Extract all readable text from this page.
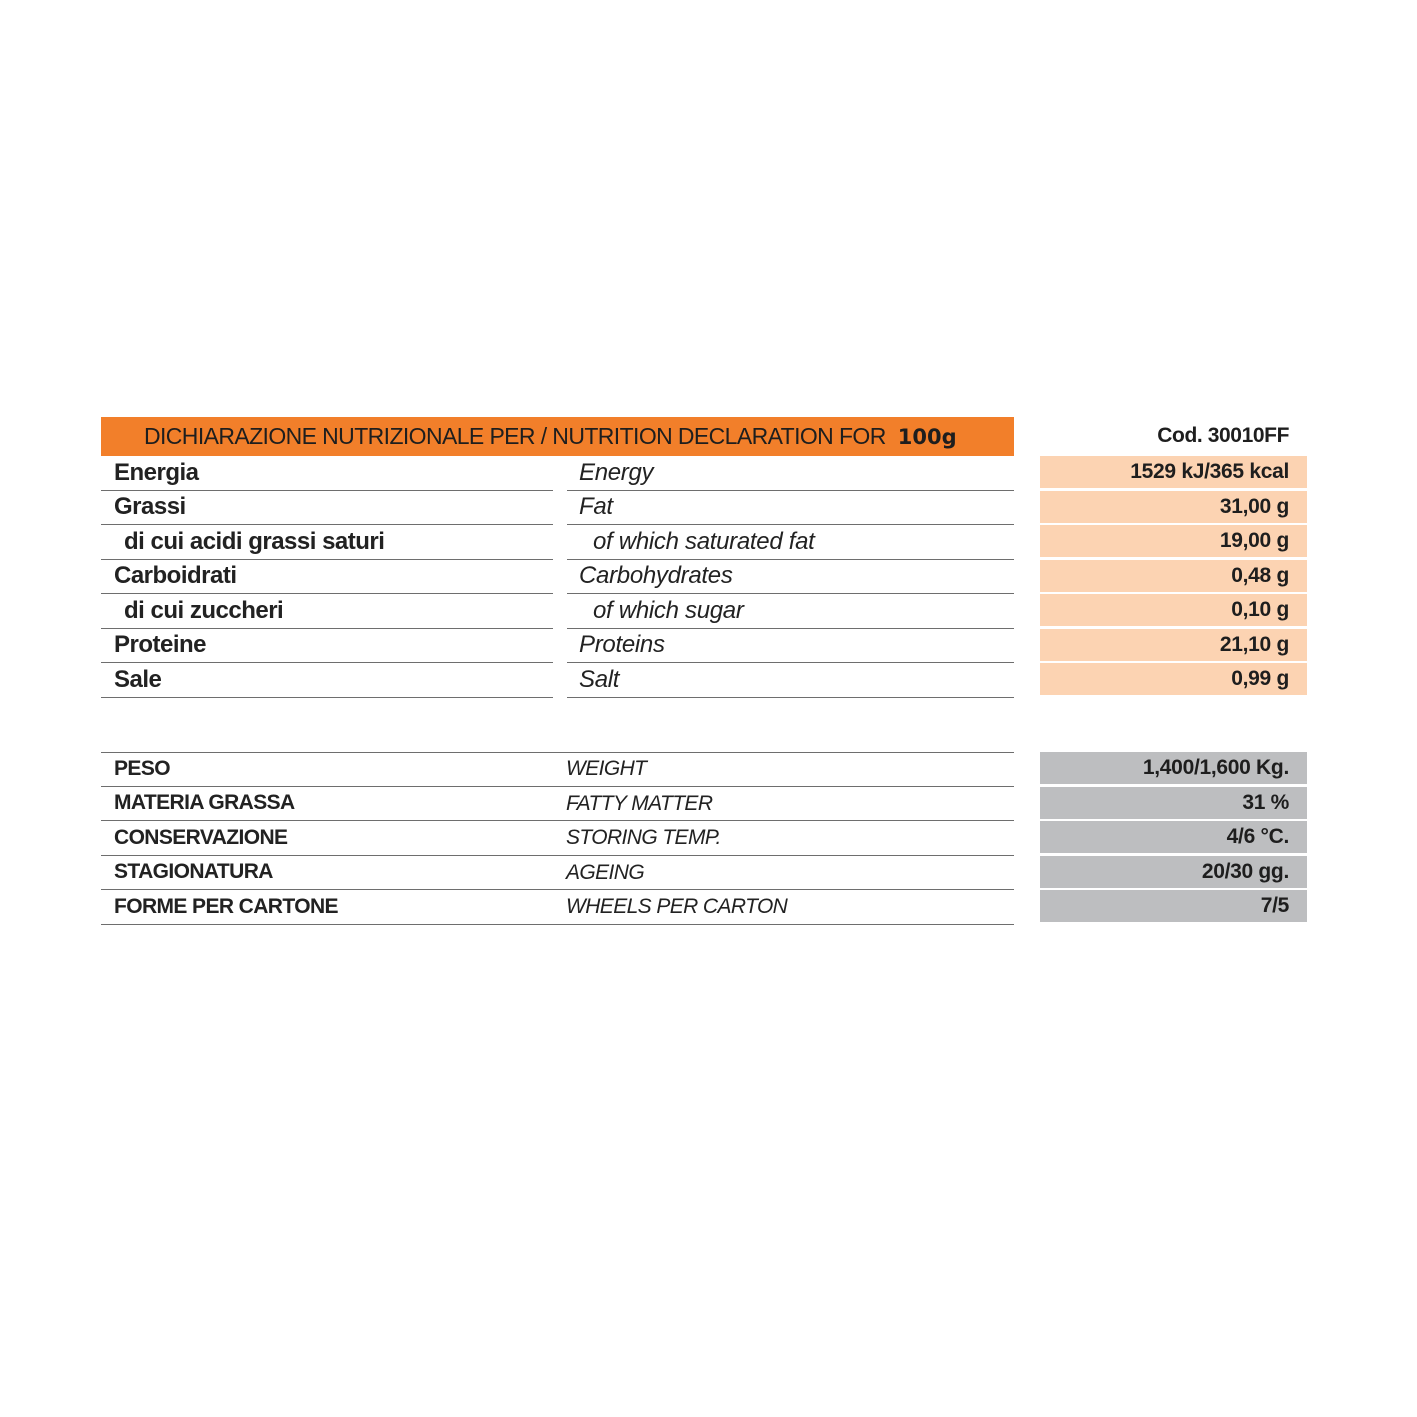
DICHIARAZIONE NUTRIZIONALE PER / NUTRITION DECLARATION FOR 100g	Cod. 30010FF
Energia	Energy	1529 kJ/365 kcal
Grassi	Fat	31,00 g
di cui acidi grassi saturi	of which saturated fat	19,00 g
Carboidrati	Carbohydrates	0,48 g
di cui zuccheri	of which sugar	0,10 g
Proteine	Proteins	21,10 g
Sale	Salt	0,99 g
PESO	WEIGHT	1,400/1,600 Kg.
MATERIA GRASSA	FATTY MATTER	31 %
CONSERVAZIONE	STORING TEMP.	4/6 °C.
STAGIONATURA	AGEING	20/30 gg.
FORME PER CARTONE	WHEELS PER CARTON	7/5
